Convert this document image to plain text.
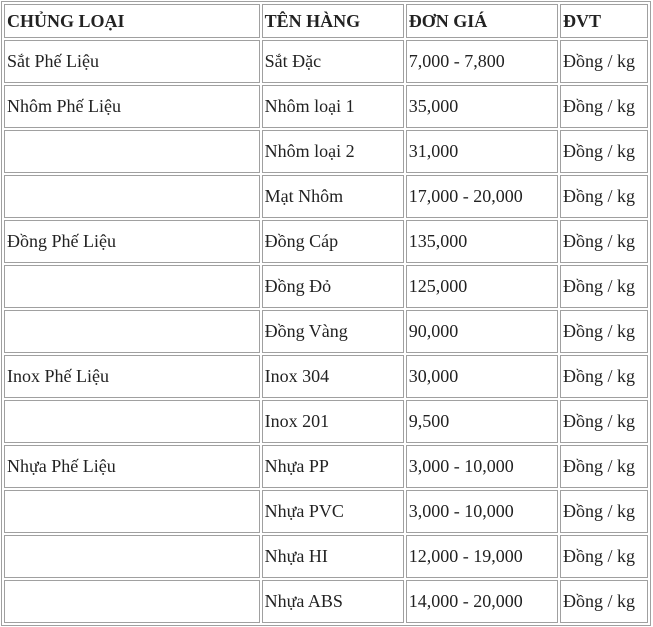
CHỦNG LOẠI	TÊN HÀNG	ĐƠN GIÁ	ĐVT
Sắt Phế Liệu	Sắt Đặc	7,000 - 7,800	Đồng / kg
Nhôm Phế Liệu	Nhôm loại 1	35,000	Đồng / kg
	Nhôm loại 2	31,000	Đồng / kg
	Mạt Nhôm	17,000 - 20,000	Đồng / kg
Đồng Phế Liệu	Đồng Cáp	135,000	Đồng / kg
	Đồng Đỏ	125,000	Đồng / kg
	Đồng Vàng	90,000	Đồng / kg
Inox Phế Liệu	Inox 304	30,000	Đồng / kg
	Inox 201	9,500	Đồng / kg
Nhựa Phế Liệu	Nhựa PP	3,000 - 10,000	Đồng / kg
	Nhựa PVC	3,000 - 10,000	Đồng / kg
	Nhựa HI	12,000 - 19,000	Đồng / kg
	Nhựa ABS	14,000 - 20,000	Đồng / kg
